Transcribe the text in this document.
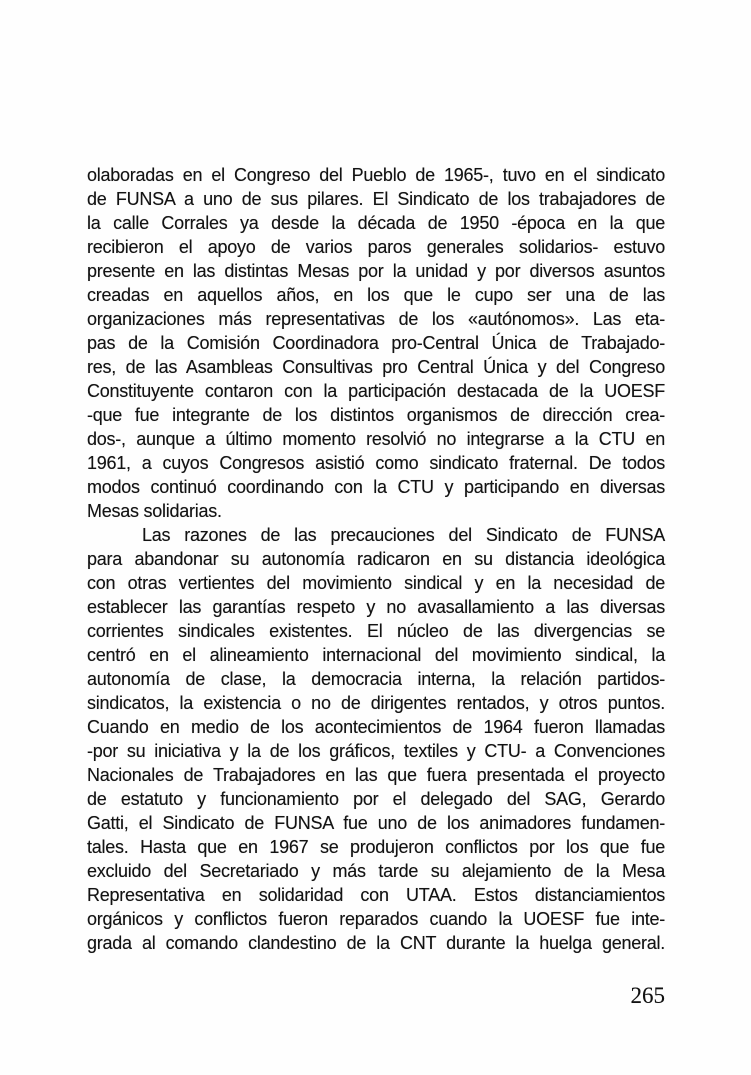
olaboradas en el Congreso del Pueblo de 1965-, tuvo en el sindicato
de FUNSA a uno de sus pilares. El Sindicato de los trabajadores de
la calle Corrales ya desde la década de 1950 -época en la que
recibieron el apoyo de varios paros generales solidarios- estuvo
presente en las distintas Mesas por la unidad y por diversos asuntos
creadas en aquellos años, en los que le cupo ser una de las
organizaciones más representativas de los «autónomos». Las eta-
pas de la Comisión Coordinadora pro-Central Única de Trabajado-
res, de las Asambleas Consultivas pro Central Única y del Congreso
Constituyente contaron con la participación destacada de la UOESF
-que fue integrante de los distintos organismos de dirección crea-
dos-, aunque a último momento resolvió no integrarse a la CTU en
1961, a cuyos Congresos asistió como sindicato fraternal. De todos
modos continuó coordinando con la CTU y participando en diversas
Mesas solidarias.
Las razones de las precauciones del Sindicato de FUNSA
para abandonar su autonomía radicaron en su distancia ideológica
con otras vertientes del movimiento sindical y en la necesidad de
establecer las garantías respeto y no avasallamiento a las diversas
corrientes sindicales existentes. El núcleo de las divergencias se
centró en el alineamiento internacional del movimiento sindical, la
autonomía de clase, la democracia interna, la relación partidos-
sindicatos, la existencia o no de dirigentes rentados, y otros puntos.
Cuando en medio de los acontecimientos de 1964 fueron llamadas
-por su iniciativa y la de los gráficos, textiles y CTU- a Convenciones
Nacionales de Trabajadores en las que fuera presentada el proyecto
de estatuto y funcionamiento por el delegado del SAG, Gerardo
Gatti, el Sindicato de FUNSA fue uno de los animadores fundamen-
tales. Hasta que en 1967 se produjeron conflictos por los que fue
excluido del Secretariado y más tarde su alejamiento de la Mesa
Representativa en solidaridad con UTAA. Estos distanciamientos
orgánicos y conflictos fueron reparados cuando la UOESF fue inte-
grada al comando clandestino de la CNT durante la huelga general.
265
